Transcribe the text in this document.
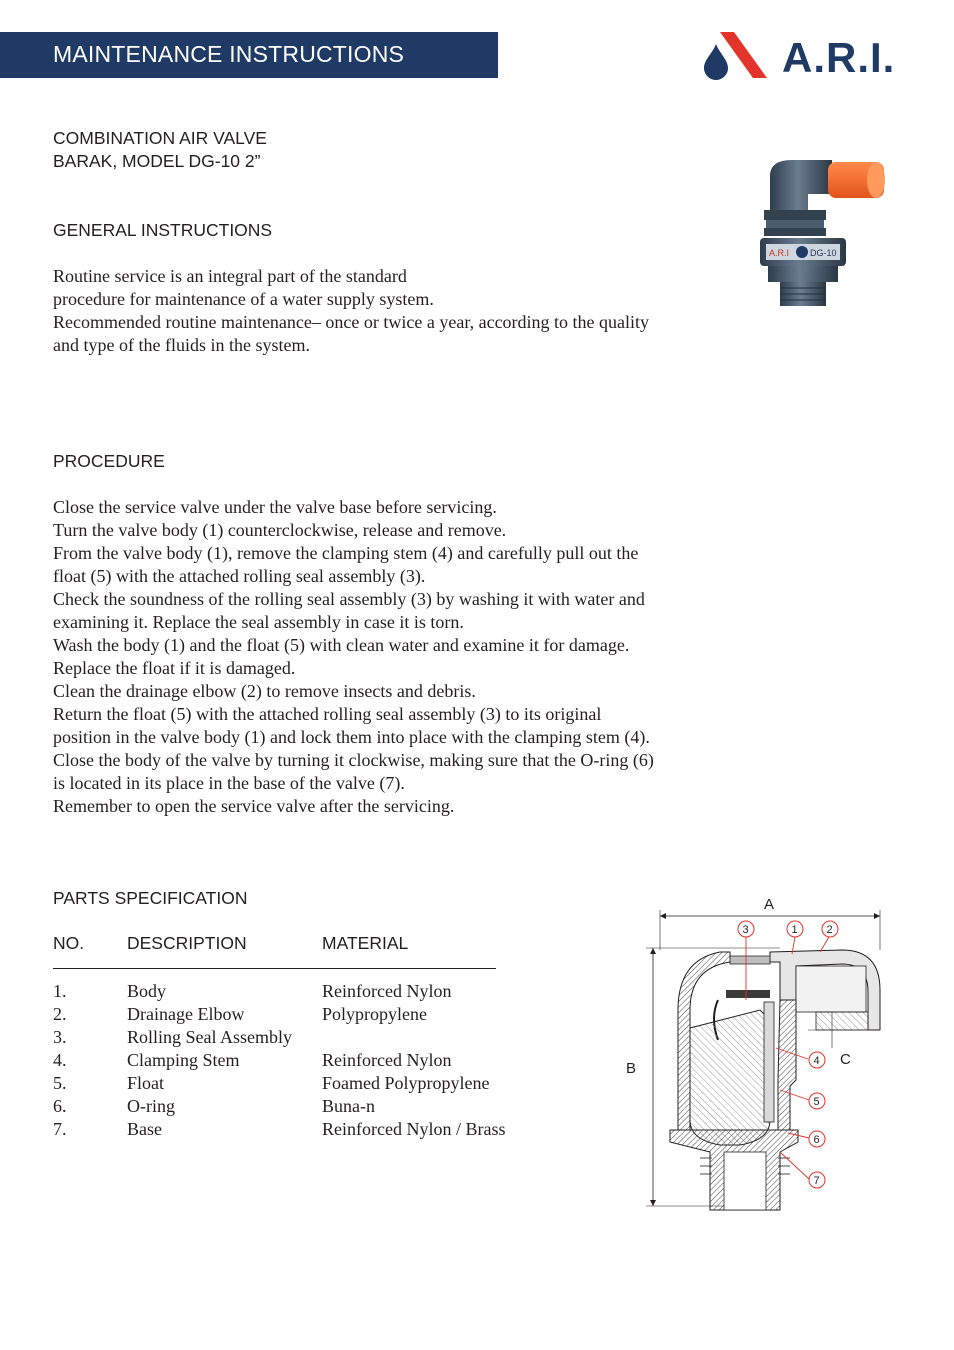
MAINTENANCE INSTRUCTIONS	A.R.I.
COMBINATION AIR VALVE
BARAK, MODEL DG-10 2”
A.R.I DG-10
GENERAL INSTRUCTIONS
Routine service is an integral part of the standard
procedure for maintenance of a water supply system.
Recommended routine maintenance– once or twice a year, according to the quality
and type of the fluids in the system.
PROCEDURE
Close the service valve under the valve base before servicing.
Turn the valve body (1) counterclockwise, release and remove.
From the valve body (1), remove the clamping stem (4) and carefully pull out the
float (5) with the attached rolling seal assembly (3).
Check the soundness of the rolling seal assembly (3) by washing it with water and
examining it. Replace the seal assembly in case it is torn.
Wash the body (1) and the float (5) with clean water and examine it for damage.
Replace the float if it is damaged.
Clean the drainage elbow (2) to remove insects and debris.
Return the float (5) with the attached rolling seal assembly (3) to its original
position in the valve body (1) and lock them into place with the clamping stem (4).
Close the body of the valve by turning it clockwise, making sure that the O-ring (6)
is located in its place in the base of the valve (7).
Remember to open the service valve after the servicing.
PARTS SPECIFICATION
NO. DESCRIPTION	MATERIAL
1.	Body	Reinforced Nylon
2.	Drainage Elbow	Polypropylene
3.	Rolling Seal Assembly
4.	Clamping Stem	Reinforced Nylon
5.	Float	Foamed Polypropylene
6.	O-ring	Buna-n
7.	Base	Reinforced Nylon / Brass
A
B
C
3	1	2
4
5
6
7
